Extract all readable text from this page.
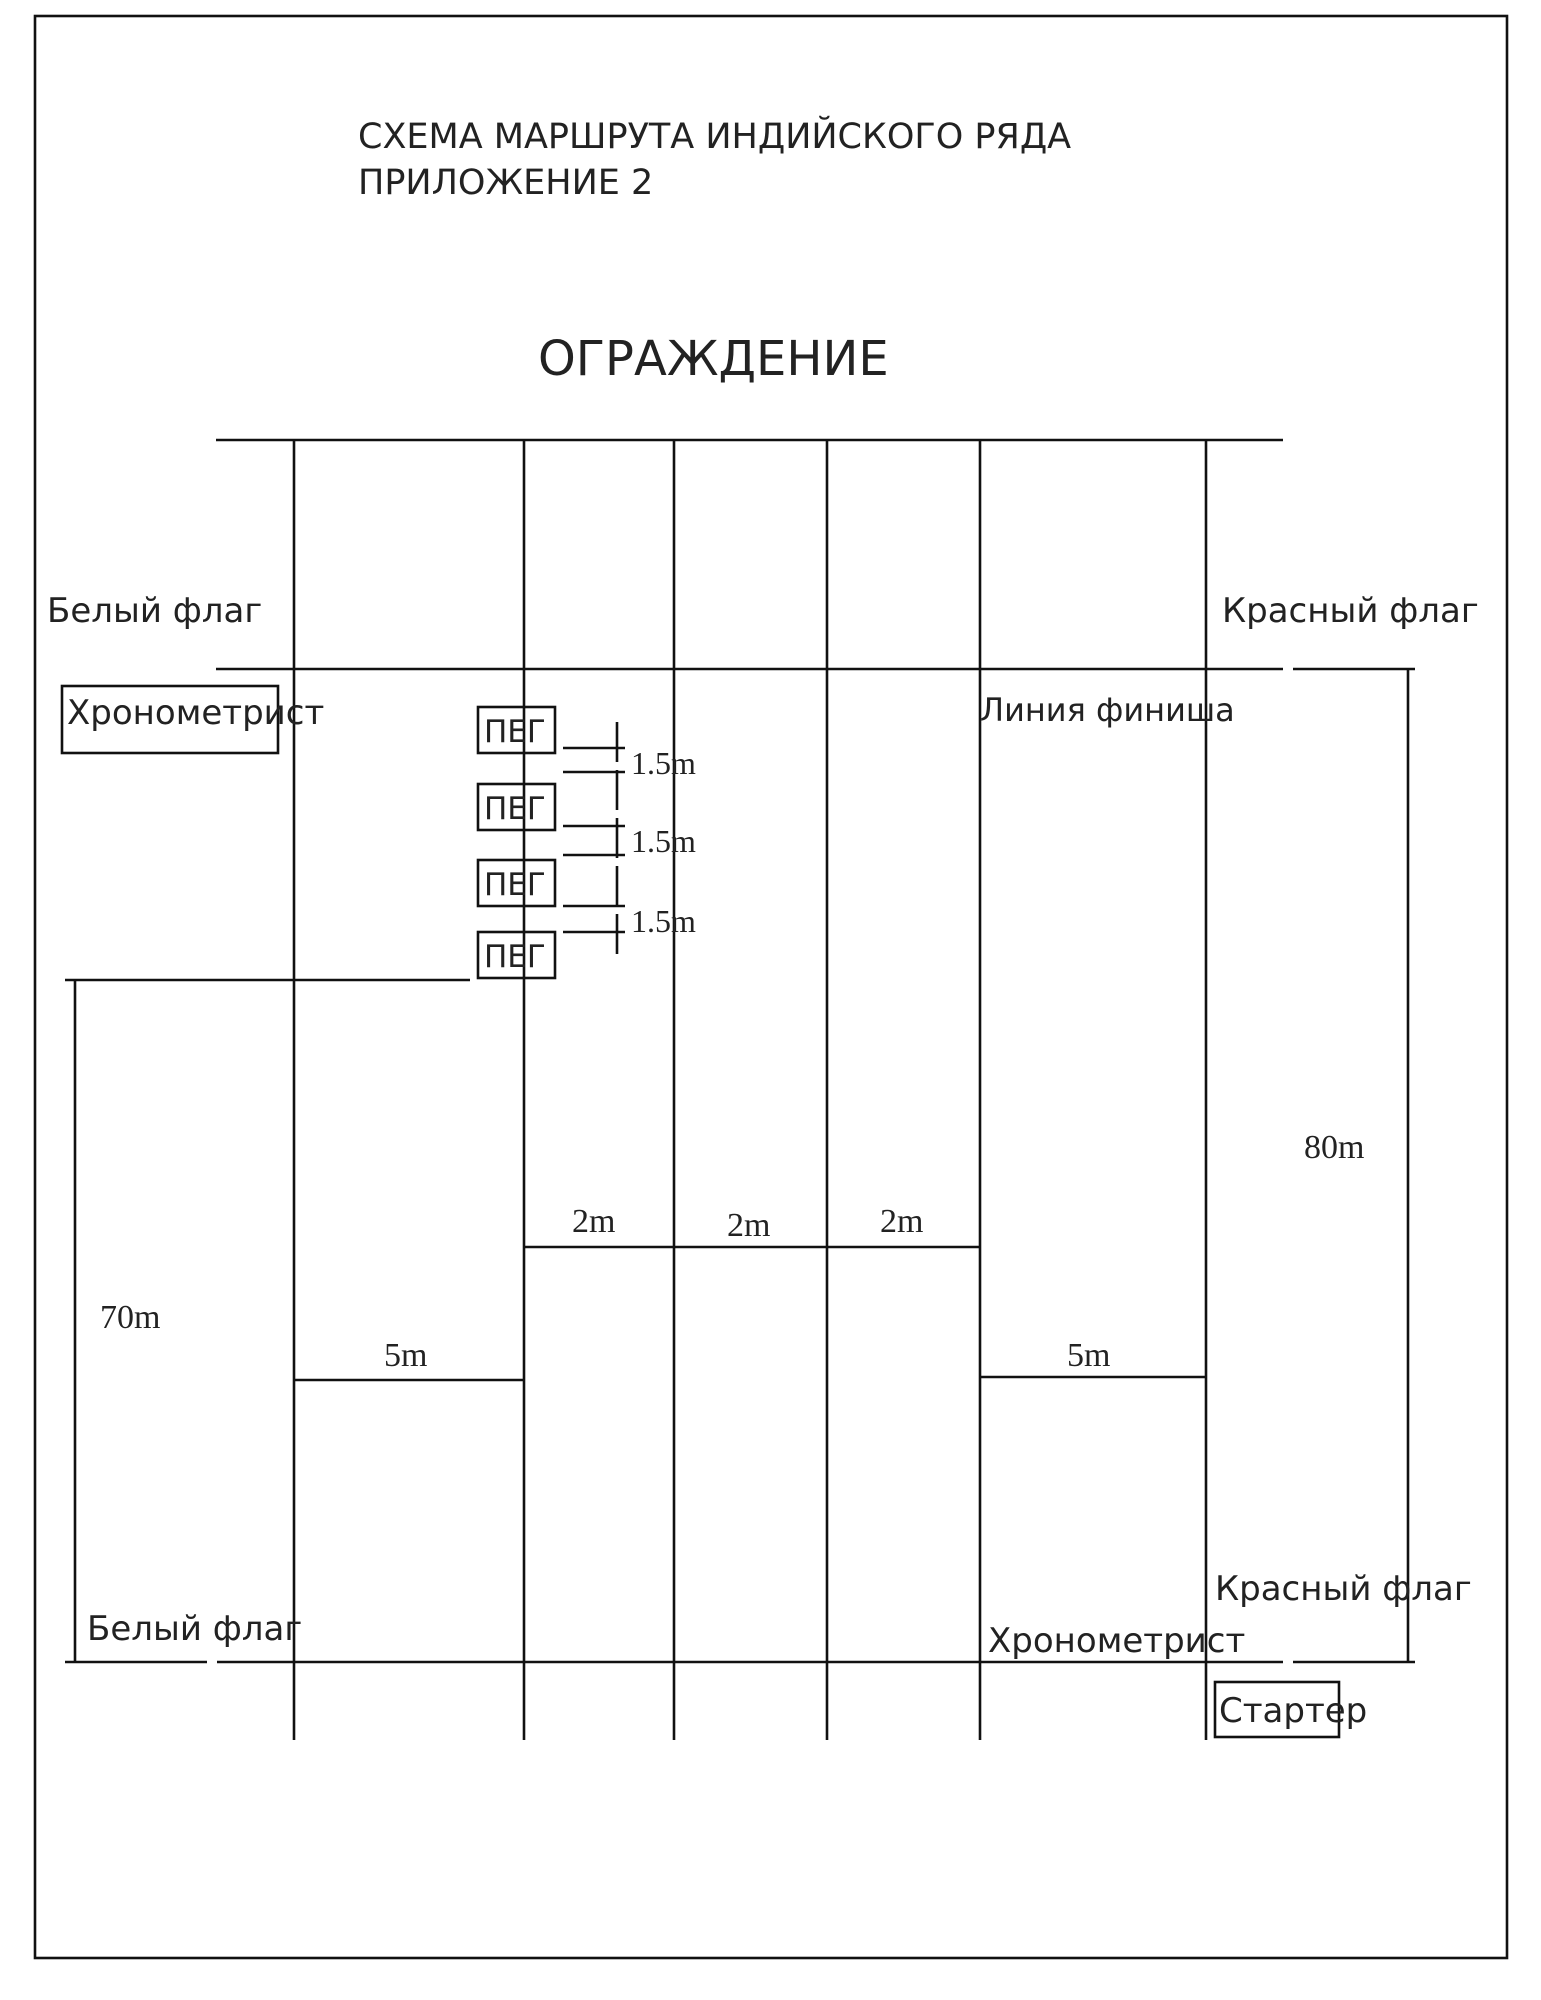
СХЕМА МАРШРУТА ИНДИЙСКОГО РЯДА
ПРИЛОЖЕНИЕ 2
ОГРАЖДЕНИЕ
70m
80m
2m	2m	2m
5m	5m
Белый флаг	Красный флаг
Хронометрист	Линия финиша
Красный флаг
Белый флаг	Хронометрист
Стартер
ПЕГ
ПЕГ
ПЕГ
ПЕГ
1.5m
1.5m
1.5m
